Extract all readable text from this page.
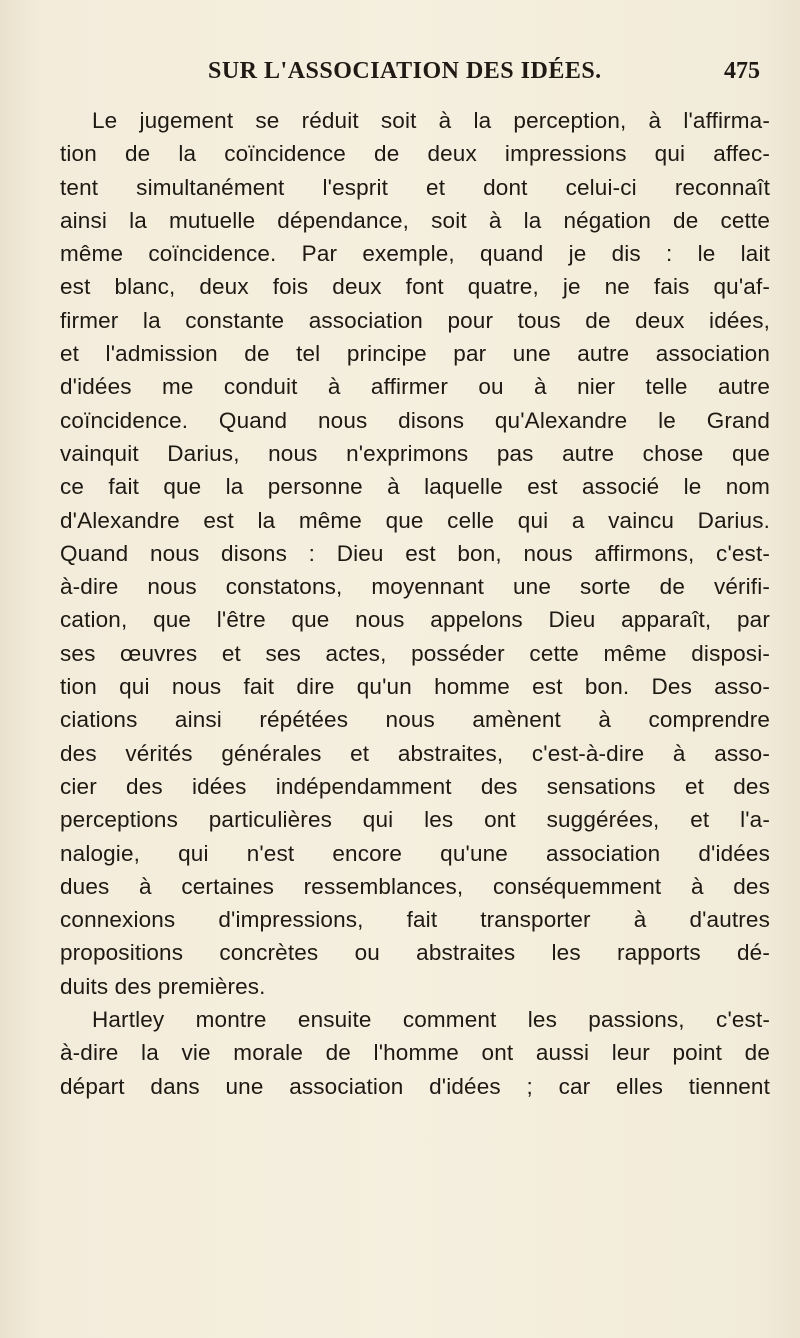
SUR L'ASSOCIATION DES IDÉES.	475
Le jugement se réduit soit à la perception, à l'affirma-
tion de la coïncidence de deux impressions qui affec-
tent simultanément l'esprit et dont celui-ci reconnaît
ainsi la mutuelle dépendance, soit à la négation de cette
même coïncidence. Par exemple, quand je dis : le lait
est blanc, deux fois deux font quatre, je ne fais qu'af-
firmer la constante association pour tous de deux idées,
et l'admission de tel principe par une autre association
d'idées me conduit à affirmer ou à nier telle autre
coïncidence. Quand nous disons qu'Alexandre le Grand
vainquit Darius, nous n'exprimons pas autre chose que
ce fait que la personne à laquelle est associé le nom
d'Alexandre est la même que celle qui a vaincu Darius.
Quand nous disons : Dieu est bon, nous affirmons, c'est-
à-dire nous constatons, moyennant une sorte de vérifi-
cation, que l'être que nous appelons Dieu apparaît, par
ses œuvres et ses actes, posséder cette même disposi-
tion qui nous fait dire qu'un homme est bon. Des asso-
ciations ainsi répétées nous amènent à comprendre
des vérités générales et abstraites, c'est-à-dire à asso-
cier des idées indépendamment des sensations et des
perceptions particulières qui les ont suggérées, et l'a-
nalogie, qui n'est encore qu'une association d'idées
dues à certaines ressemblances, conséquemment à des
connexions d'impressions, fait transporter à d'autres
propositions concrètes ou abstraites les rapports dé-
duits des premières.
Hartley montre ensuite comment les passions, c'est-
à-dire la vie morale de l'homme ont aussi leur point de
départ dans une association d'idées ; car elles tiennent
